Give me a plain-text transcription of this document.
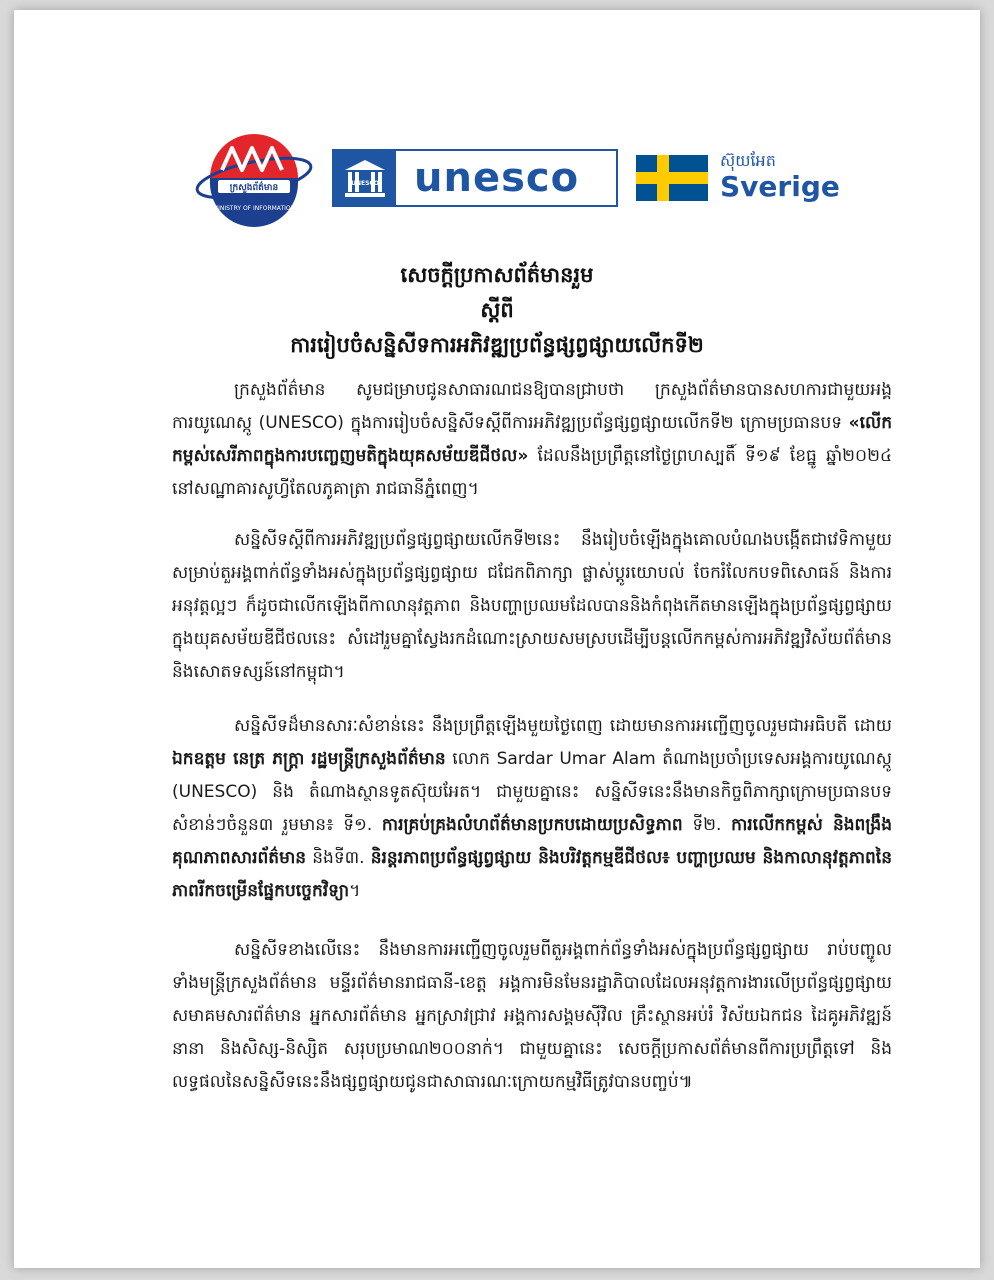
ក្រសួងព័ត៌មាន
MINISTRY OF INFORMATION
UNESCO unesco	ស៊ុយអែត
Sverige
សេចក្តីប្រកាសព័ត៌មានរួម
ស្តីពី
ការរៀបចំសន្និសីទការអភិវឌ្ឍប្រព័ន្ធផ្សព្វផ្សាយលើកទី២
ក្រសួងព័ត៌មាន សូមជម្រាបជូនសាធារណជនឱ្យបានជ្រាបថា ក្រសួងព័ត៌មានបានសហការជាមួយអង្គការយូណេស្កូ (UNESCO) ក្នុងការរៀបចំសន្និសីទស្តីពីការអភិវឌ្ឍប្រព័ន្ធផ្សព្វផ្សាយលើកទី២ ក្រោមប្រធានបទ «លើកកម្ពស់សេរីភាពក្នុងការបញ្ចេញមតិក្នុងយុគសម័យឌីជីថល» ដែលនឹងប្រព្រឹត្តនៅថ្ងៃព្រហស្បតិ៍ ទី១៩ ខែធ្នូ ឆ្នាំ២០២៤ នៅសណ្ឋាគារសូហ្វីតែលភូគាត្រា រាជធានីភ្នំពេញ។
សន្និសីទស្តីពីការអភិវឌ្ឍប្រព័ន្ធផ្សព្វផ្សាយលើកទី២នេះ នឹងរៀបចំឡើងក្នុងគោលបំណងបង្កើតជាវេទិកាមួយសម្រាប់តួអង្គពាក់ព័ន្ធទាំងអស់ក្នុងប្រព័ន្ធផ្សព្វផ្សាយ ជជែកពិភាក្សា ផ្លាស់ប្តូរយោបល់ ចែករំលែកបទពិសោធន៍ និងការអនុវត្តល្អៗ ក៏ដូចជាលើកឡើងពីកាលានុវត្តភាព និងបញ្ហាប្រឈមដែលបាននិងកំពុងកើតមានឡើងក្នុងប្រព័ន្ធផ្សព្វផ្សាយក្នុងយុគសម័យឌីជីថលនេះ សំដៅរួមគ្នាស្វែងរកដំណោះស្រាយសមស្របដើម្បីបន្តលើកកម្ពស់ការអភិវឌ្ឍវិស័យព័ត៌មាន និងសោតទស្សន៍នៅកម្ពុជា។
សន្និសីទដ៏មានសារៈសំខាន់នេះ នឹងប្រព្រឹត្តឡើងមួយថ្ងៃពេញ ដោយមានការអញ្ជើញចូលរួមជាអធិបតី ដោយ ឯកឧត្តម នេត្រ ភក្ត្រា រដ្ឋមន្ត្រីក្រសួងព័ត៌មាន លោក Sardar Umar Alam តំណាងប្រចាំប្រទេសអង្គការយូណេស្កូ (UNESCO) និង តំណាងស្ថានទូតស៊ុយអែត។ ជាមួយគ្នានេះ សន្និសីទនេះនឹងមានកិច្ចពិភាក្សាក្រោមប្រធានបទសំខាន់ៗចំនួន៣ រួមមាន៖ ទី១. ការគ្រប់គ្រងលំហព័ត៌មានប្រកបដោយប្រសិទ្ធភាព ទី២. ការលើកកម្ពស់ និងពង្រឹងគុណភាពសារព័ត៌មាន និងទី៣. និរន្តរភាពប្រព័ន្ធផ្សព្វផ្សាយ និងបរិវត្តកម្មឌីជីថល៖ បញ្ហាប្រឈម និងកាលានុវត្តភាពនៃភាពរីកចម្រើនផ្នែកបច្ចេកវិទ្យា។
សន្និសីទខាងលើនេះ នឹងមានការអញ្ជើញចូលរួមពីតួអង្គពាក់ព័ន្ធទាំងអស់ក្នុងប្រព័ន្ធផ្សព្វផ្សាយ រាប់បញ្ចូលទាំងមន្ត្រីក្រសួងព័ត៌មាន មន្ទីរព័ត៌មានរាជធានី-ខេត្ត អង្គការមិនមែនរដ្ឋាភិបាលដែលអនុវត្តការងារលើប្រព័ន្ធផ្សព្វផ្សាយ សមាគមសារព័ត៌មាន អ្នកសារព័ត៌មាន អ្នកស្រាវជ្រាវ អង្គការសង្គមស៊ីវិល គ្រឹះស្ថានអប់រំ វិស័យឯកជន ដៃគូអភិវឌ្ឍន៍នានា និងសិស្ស-និស្សិត សរុបប្រមាណ២០០នាក់។ ជាមួយគ្នានេះ សេចក្តីប្រកាសព័ត៌មានពីការប្រព្រឹត្តទៅ និងលទ្ធផលនៃសន្និសីទនេះនឹងផ្សព្វផ្សាយជូនជាសាធារណៈក្រោយកម្មវិធីត្រូវបានបញ្ចប់៕
